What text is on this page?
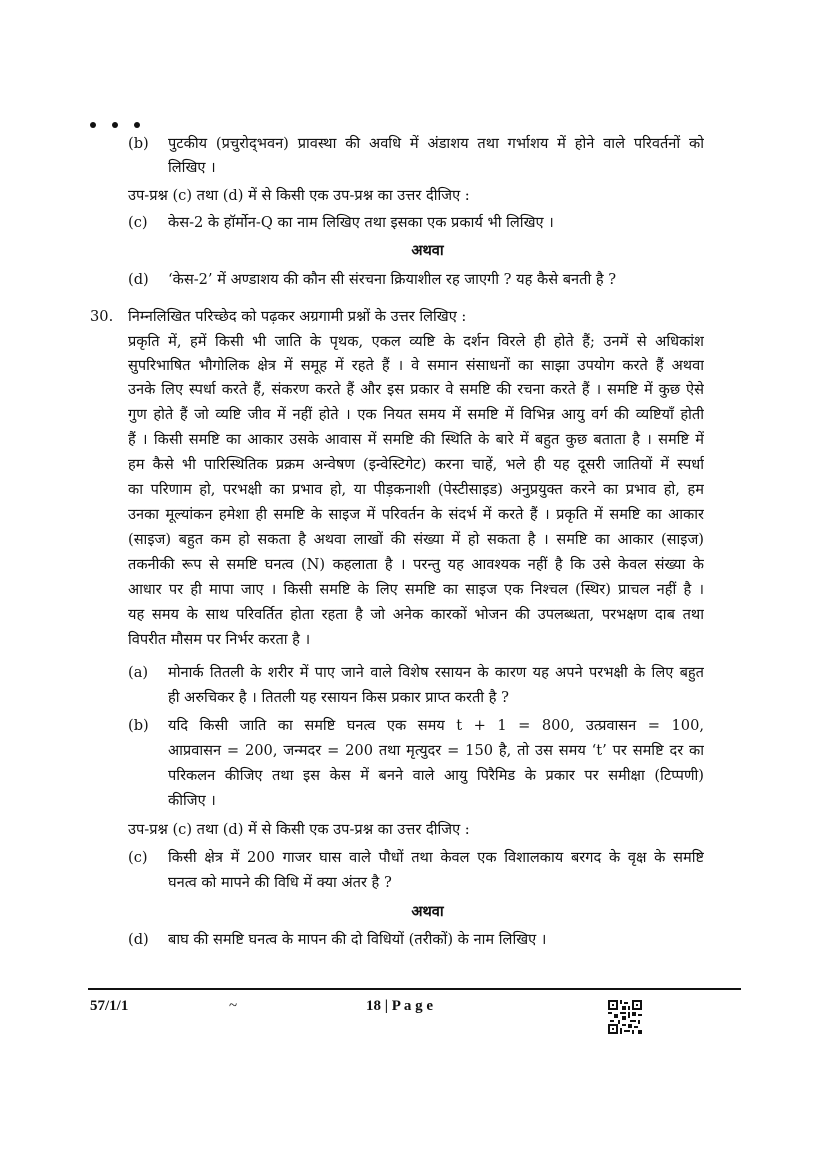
(b) पुटकीय (प्रचुरोद्‌भवन) प्रावस्था की अवधि में अंडाशय तथा गर्भाशय में होने वाले परिवर्तनों को
लिखिए ।
उप-प्रश्न (c) तथा (d) में से किसी एक उप-प्रश्न का उत्तर दीजिए :
(c) केस-2 के हॉर्मोन-Q का नाम लिखिए तथा इसका एक प्रकार्य भी लिखिए ।
अथवा
(d) ‘केस-2’ में अण्डाशय की कौन सी संरचना क्रियाशील रह जाएगी ? यह कैसे बनती है ?
30. निम्नलिखित परिच्छेद को पढ़कर अग्रगामी प्रश्नों के उत्तर लिखिए :
प्रकृति में, हमें किसी भी जाति के पृथक, एकल व्यष्टि के दर्शन विरले ही होते हैं; उनमें से अधिकांश
सुपरिभाषित भौगोलिक क्षेत्र में समूह में रहते हैं । वे समान संसाधनों का साझा उपयोग करते हैं अथवा
उनके लिए स्पर्धा करते हैं, संकरण करते हैं और इस प्रकार वे समष्टि की रचना करते हैं । समष्टि में कुछ ऐसे
गुण होते हैं जो व्यष्टि जीव में नहीं होते । एक नियत समय में समष्टि में विभिन्न आयु वर्ग की व्यष्टियाँ होती
हैं । किसी समष्टि का आकार उसके आवास में समष्टि की स्थिति के बारे में बहुत कुछ बताता है । समष्टि में
हम कैसे भी पारिस्थितिक प्रक्रम अन्वेषण (इन्वेस्टिगेट) करना चाहें, भले ही यह दूसरी जातियों में स्पर्धा
का परिणाम हो, परभक्षी का प्रभाव हो, या पीड़कनाशी (पेस्टीसाइड) अनुप्रयुक्त करने का प्रभाव हो, हम
उनका मूल्यांकन हमेशा ही समष्टि के साइज में परिवर्तन के संदर्भ में करते हैं । प्रकृति में समष्टि का आकार
(साइज) बहुत कम हो सकता है अथवा लाखों की संख्या में हो सकता है । समष्टि का आकार (साइज)
तकनीकी रूप से समष्टि घनत्व (N) कहलाता है । परन्तु यह आवश्यक नहीं है कि उसे केवल संख्या के
आधार पर ही मापा जाए । किसी समष्टि के लिए समष्टि का साइज एक निश्चल (स्थिर) प्राचल नहीं है ।
यह समय के साथ परिवर्तित होता रहता है जो अनेक कारकों भोजन की उपलब्धता, परभक्षण दाब तथा
विपरीत मौसम पर निर्भर करता है ।
(a) मोनार्क तितली के शरीर में पाए जाने वाले विशेष रसायन के कारण यह अपने परभक्षी के लिए बहुत
ही अरुचिकर है । तितली यह रसायन किस प्रकार प्राप्त करती है ?
(b) यदि किसी जाति का समष्टि घनत्व एक समय t + 1 = 800, उत्प्रवासन = 100,
आप्रवासन = 200, जन्मदर = 200 तथा मृत्युदर = 150 है, तो उस समय ‘t’ पर समष्टि दर का
परिकलन कीजिए तथा इस केस में बनने वाले आयु पिरैमिड के प्रकार पर समीक्षा (टिप्पणी)
कीजिए ।
उप-प्रश्न (c) तथा (d) में से किसी एक उप-प्रश्न का उत्तर दीजिए :
(c) किसी क्षेत्र में 200 गाजर घास वाले पौधों तथा केवल एक विशालकाय बरगद के वृक्ष के समष्टि
घनत्व को मापने की विधि में क्या अंतर है ?
अथवा
(d) बाघ की समष्टि घनत्व के मापन की दो विधियों (तरीकों) के नाम लिखिए ।
57/1/1	~	18 | P a g e
